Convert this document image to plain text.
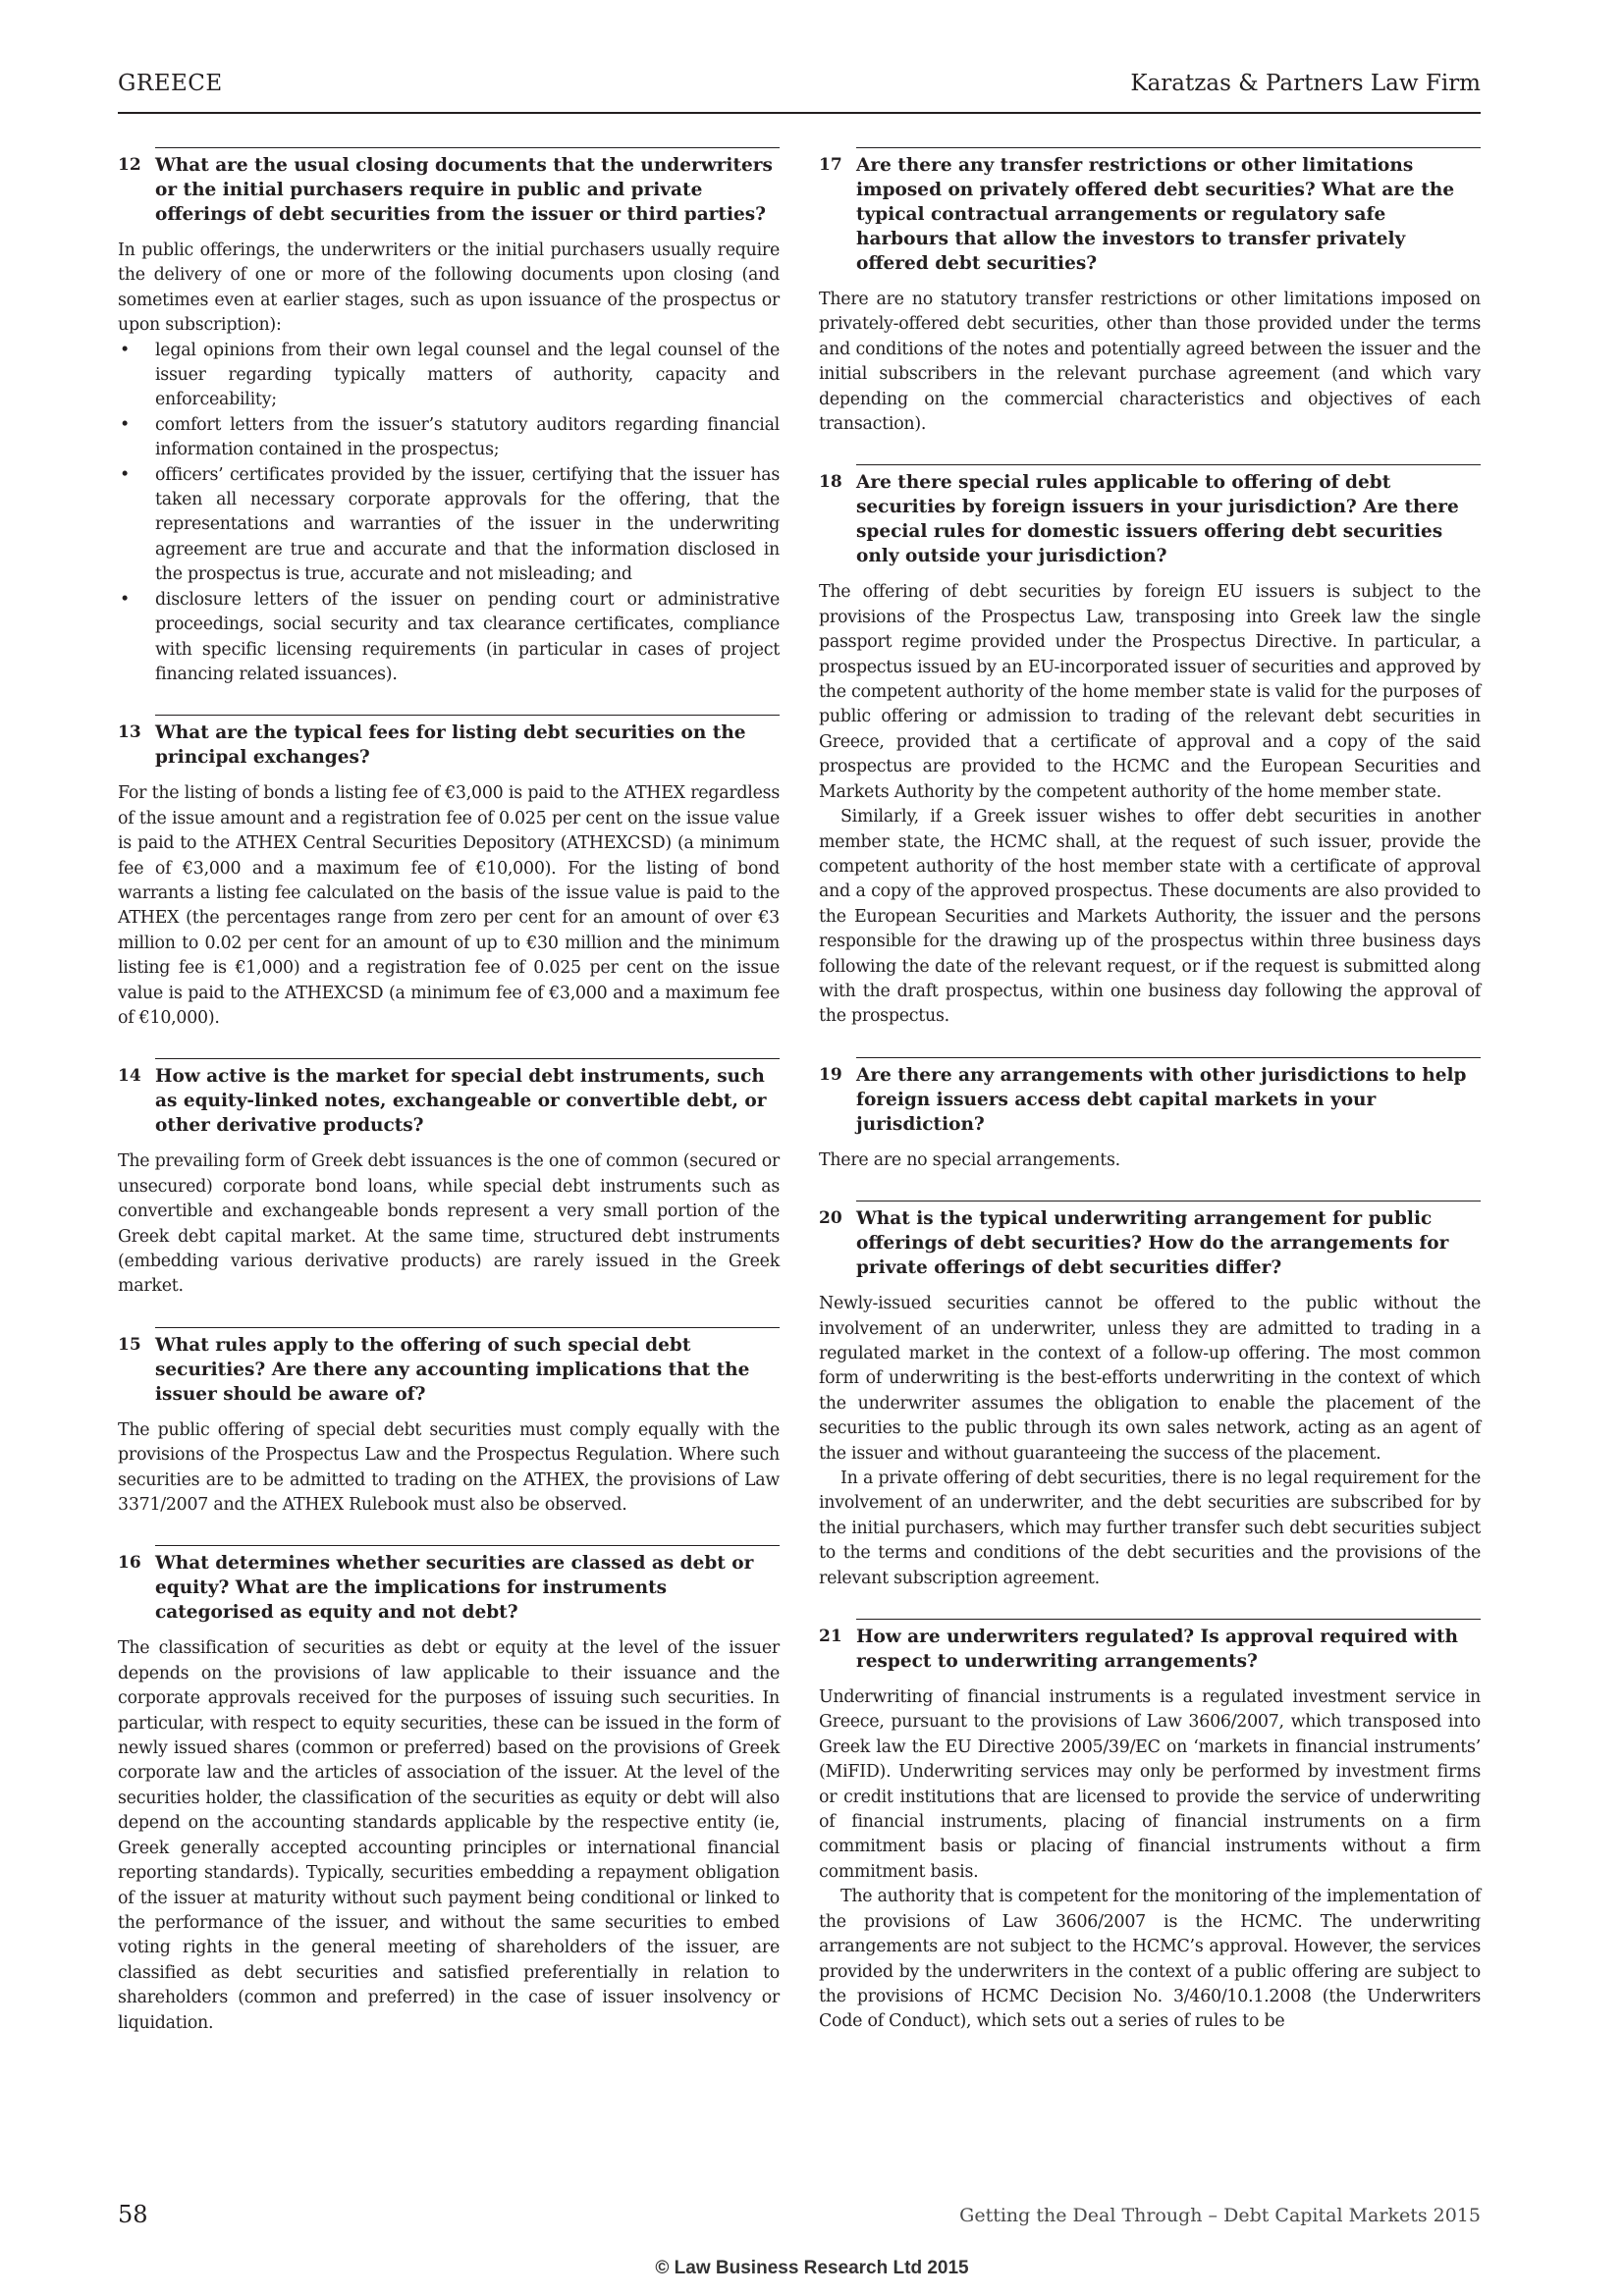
GREECE	Karatzas & Partners Law Firm
12 What are the usual closing documents that the underwriters or the initial purchasers require in public and private offerings of debt securities from the issuer or third parties?

In public offerings, the underwriters or the initial purchasers usually require the delivery of one or more of the following documents upon closing (and sometimes even at earlier stages, such as upon issuance of the prospectus or upon subscription):

• legal opinions from their own legal counsel and the legal counsel of the issuer regarding typically matters of authority, capacity and enforceability;
• comfort letters from the issuer’s statutory auditors regarding financial information contained in the prospectus;
• officers’ certificates provided by the issuer, certifying that the issuer has taken all necessary corporate approvals for the offering, that the representations and warranties of the issuer in the underwriting agreement are true and accurate and that the information disclosed in the prospectus is true, accurate and not misleading; and
• disclosure letters of the issuer on pending court or administrative proceedings, social security and tax clearance certificates, compliance with specific licensing requirements (in particular in cases of project financing related issuances).
13 What are the typical fees for listing debt securities on the principal exchanges?

For the listing of bonds a listing fee of €3,000 is paid to the ATHEX regardless of the issue amount and a registration fee of 0.025 per cent on the issue value is paid to the ATHEX Central Securities Depository (ATHEXCSD) (a minimum fee of €3,000 and a maximum fee of €10,000). For the listing of bond warrants a listing fee calculated on the basis of the issue value is paid to the ATHEX (the percentages range from zero per cent for an amount of over €3 million to 0.02 per cent for an amount of up to €30 million and the minimum listing fee is €1,000) and a registration fee of 0.025 per cent on the issue value is paid to the ATHEXCSD (a minimum fee of €3,000 and a maximum fee of €10,000).

14 How active is the market for special debt instruments, such as equity-linked notes, exchangeable or convertible debt, or other derivative products?

The prevailing form of Greek debt issuances is the one of common (secured or unsecured) corporate bond loans, while special debt instruments such as convertible and exchangeable bonds represent a very small portion of the Greek debt capital market. At the same time, structured debt instruments (embedding various derivative products) are rarely issued in the Greek market.

15 What rules apply to the offering of such special debt securities? Are there any accounting implications that the issuer should be aware of?

The public offering of special debt securities must comply equally with the provisions of the Prospectus Law and the Prospectus Regulation. Where such securities are to be admitted to trading on the ATHEX, the provisions of Law 3371/2007 and the ATHEX Rulebook must also be observed.

16 What determines whether securities are classed as debt or equity? What are the implications for instruments categorised as equity and not debt?

The classification of securities as debt or equity at the level of the issuer depends on the provisions of law applicable to their issuance and the corporate approvals received for the purposes of issuing such securities. In particular, with respect to equity securities, these can be issued in the form of newly issued shares (common or preferred) based on the provisions of Greek corporate law and the articles of association of the issuer. At the level of the securities holder, the classification of the securities as equity or debt will also depend on the accounting standards applicable by the respective entity (ie, Greek generally accepted accounting principles or international financial reporting standards). Typically, securities embedding a repayment obligation of the issuer at maturity without such payment being conditional or linked to the performance of the issuer, and without the same securities to embed voting rights in the general meeting of shareholders of the issuer, are classified as debt securities and satisfied preferentially in relation to shareholders (common and preferred) in the case of issuer insolvency or liquidation.

17 Are there any transfer restrictions or other limitations imposed on privately offered debt securities? What are the typical contractual arrangements or regulatory safe harbours that allow the investors to transfer privately offered debt securities?

There are no statutory transfer restrictions or other limitations imposed on privately-offered debt securities, other than those provided under the terms and conditions of the notes and potentially agreed between the issuer and the initial subscribers in the relevant purchase agreement (and which vary depending on the commercial characteristics and objectives of each transaction).

18 Are there special rules applicable to offering of debt securities by foreign issuers in your jurisdiction? Are there special rules for domestic issuers offering debt securities only outside your jurisdiction?

The offering of debt securities by foreign EU issuers is subject to the provisions of the Prospectus Law, transposing into Greek law the single passport regime provided under the Prospectus Directive. In particular, a prospectus issued by an EU-incorporated issuer of securities and approved by the competent authority of the home member state is valid for the purposes of public offering or admission to trading of the relevant debt securities in Greece, provided that a certificate of approval and a copy of the said prospectus are provided to the HCMC and the European Securities and Markets Authority by the competent authority of the home member state.

Similarly, if a Greek issuer wishes to offer debt securities in another member state, the HCMC shall, at the request of such issuer, provide the competent authority of the host member state with a certificate of approval and a copy of the approved prospectus. These documents are also provided to the European Securities and Markets Authority, the issuer and the persons responsible for the drawing up of the prospectus within three business days following the date of the relevant request, or if the request is submitted along with the draft prospectus, within one business day following the approval of the prospectus.

19 Are there any arrangements with other jurisdictions to help foreign issuers access debt capital markets in your jurisdiction?

There are no special arrangements.

20 What is the typical underwriting arrangement for public offerings of debt securities? How do the arrangements for private offerings of debt securities differ?

Newly-issued securities cannot be offered to the public without the involvement of an underwriter, unless they are admitted to trading in a regulated market in the context of a follow-up offering. The most common form of underwriting is the best-efforts underwriting in the context of which the underwriter assumes the obligation to enable the placement of the securities to the public through its own sales network, acting as an agent of the issuer and without guaranteeing the success of the placement.

In a private offering of debt securities, there is no legal requirement for the involvement of an underwriter, and the debt securities are subscribed for by the initial purchasers, which may further transfer such debt securities subject to the terms and conditions of the debt securities and the provisions of the relevant subscription agreement.

21 How are underwriters regulated? Is approval required with respect to underwriting arrangements?

Underwriting of financial instruments is a regulated investment service in Greece, pursuant to the provisions of Law 3606/2007, which transposed into Greek law the EU Directive 2005/39/EC on ‘markets in financial instruments’ (MiFID). Underwriting services may only be performed by investment firms or credit institutions that are licensed to provide the service of underwriting of financial instruments, placing of financial instruments on a firm commitment basis or placing of financial instruments without a firm commitment basis.

The authority that is competent for the monitoring of the implementation of the provisions of Law 3606/2007 is the HCMC. The underwriting arrangements are not subject to the HCMC’s approval. However, the services provided by the underwriters in the context of a public offering are subject to the provisions of HCMC Decision No. 3/460/10.1.2008 (the Underwriters Code of Conduct), which sets out a series of rules to be

58	Getting the Deal Through – Debt Capital Markets 2015
© Law Business Research Ltd 2015
